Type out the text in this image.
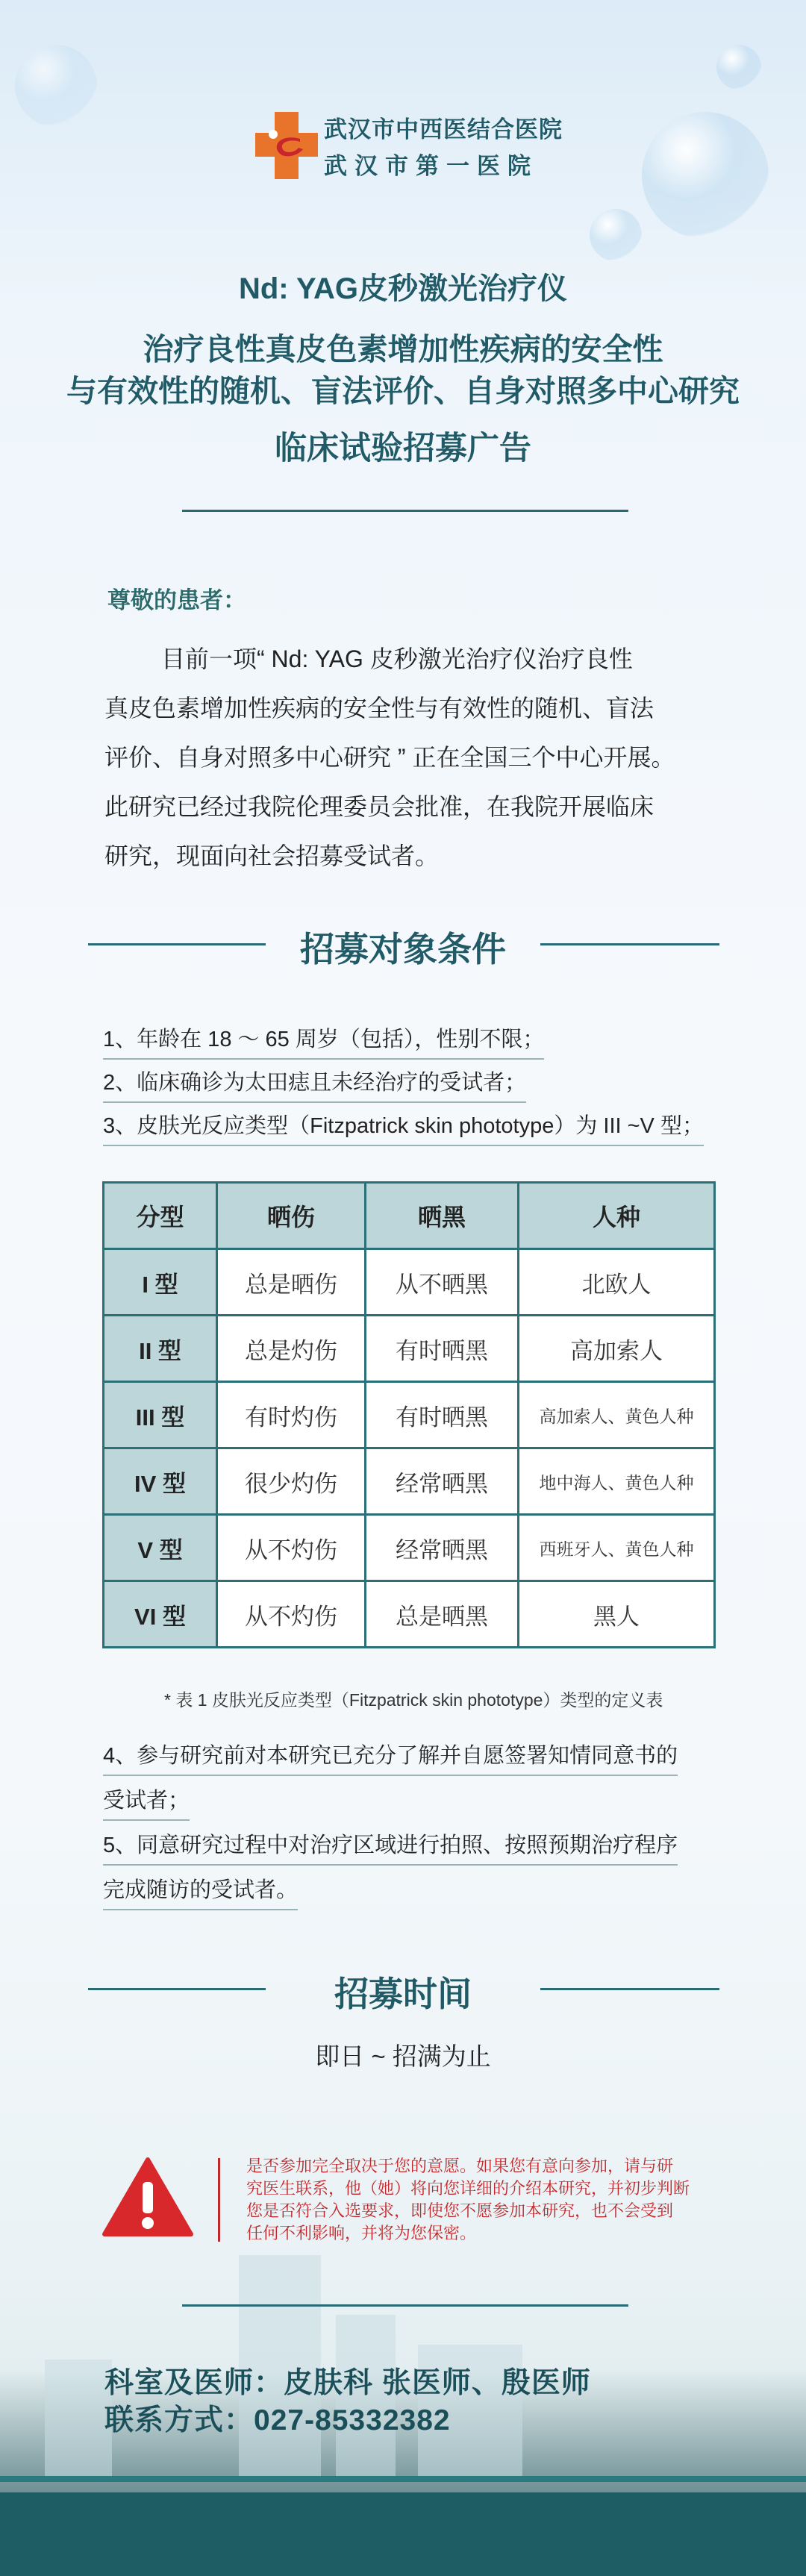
武汉市中西医结合医院
武汉市第一医院
Nd: YAG皮秒激光治疗仪
治疗良性真皮色素增加性疾病的安全性
与有效性的随机、盲法评价、自身对照多中心研究
临床试验招募广告
尊敬的患者：
目前一项“ Nd: YAG 皮秒激光治疗仪治疗良性
真皮色素增加性疾病的安全性与有效性的随机、盲法
评价、自身对照多中心研究 ” 正在全国三个中心开展。
此研究已经过我院伦理委员会批准，在我院开展临床
研究，现面向社会招募受试者。
招募对象条件
1、年龄在 18 ～ 65 周岁（包括），性别不限；
2、临床确诊为太田痣且未经治疗的受试者；
3、皮肤光反应类型（Fitzpatrick skin phototype）为 III ~V 型；
分型	晒伤	晒黑	人种
I 型	总是晒伤	从不晒黑	北欧人
II 型	总是灼伤	有时晒黑	高加索人
III 型	有时灼伤	有时晒黑	高加索人、黄色人种
IV 型	很少灼伤	经常晒黑	地中海人、黄色人种
V 型	从不灼伤	经常晒黑	西班牙人、黄色人种
VI 型	从不灼伤	总是晒黑	黑人
* 表 1 皮肤光反应类型（Fitzpatrick skin phototype）类型的定义表
4、参与研究前对本研究已充分了解并自愿签署知情同意书的
受试者；
5、同意研究过程中对治疗区域进行拍照、按照预期治疗程序
完成随访的受试者。
招募时间
即日 ~ 招满为止
是否参加完全取决于您的意愿。如果您有意向参加，请与研
究医生联系，他（她）将向您详细的介绍本研究，并初步判断
您是否符合入选要求，即使您不愿参加本研究，也不会受到
任何不利影响，并将为您保密。
科室及医师：皮肤科 张医师、殷医师
联系方式：027-85332382
